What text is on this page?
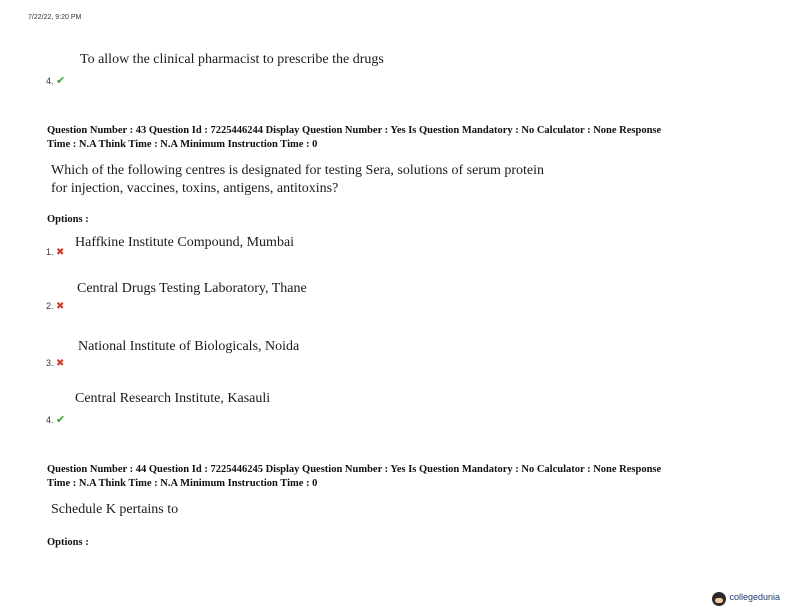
7/22/22, 9:20 PM
To allow the clinical pharmacist to prescribe the drugs
4. ✔
Question Number : 43 Question Id : 7225446244 Display Question Number : Yes Is Question Mandatory : No Calculator : None Response
Time : N.A Think Time : N.A Minimum Instruction Time : 0
Which of the following centres is designated for testing Sera, solutions of serum protein
for injection, vaccines, toxins, antigens, antitoxins?
Options :
Haffkine Institute Compound, Mumbai
1. ✖
Central Drugs Testing Laboratory, Thane
2. ✖
National Institute of Biologicals, Noida
3. ✖
Central Research Institute, Kasauli
4. ✔
Question Number : 44 Question Id : 7225446245 Display Question Number : Yes Is Question Mandatory : No Calculator : None Response
Time : N.A Think Time : N.A Minimum Instruction Time : 0
Schedule K pertains to
Options :
collegedunia
